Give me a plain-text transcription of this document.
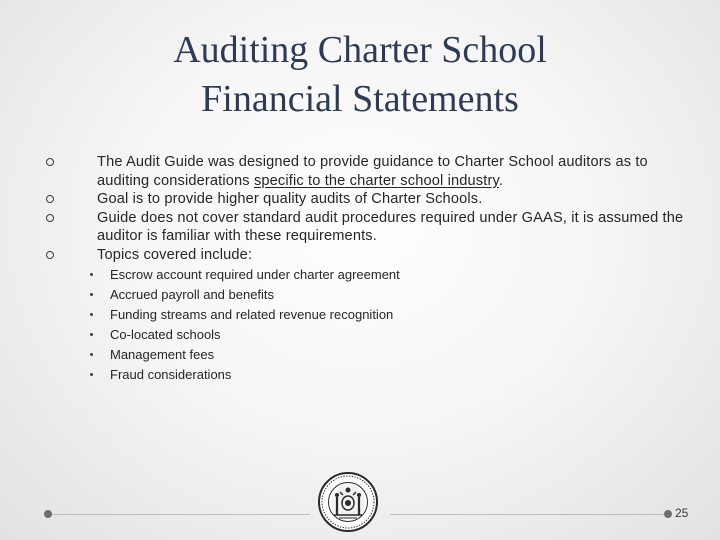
Auditing Charter School
Financial Statements
The Audit Guide was designed to provide guidance to Charter School auditors as to auditing considerations specific to the charter school industry.
Goal is to provide higher quality audits of Charter Schools.
Guide does not cover standard audit procedures required under GAAS, it is assumed the auditor is familiar with these requirements.
Topics covered include:
Escrow account required under charter agreement
Accrued payroll and benefits
Funding streams and related revenue recognition
Co-located schools
Management fees
Fraud considerations
25
